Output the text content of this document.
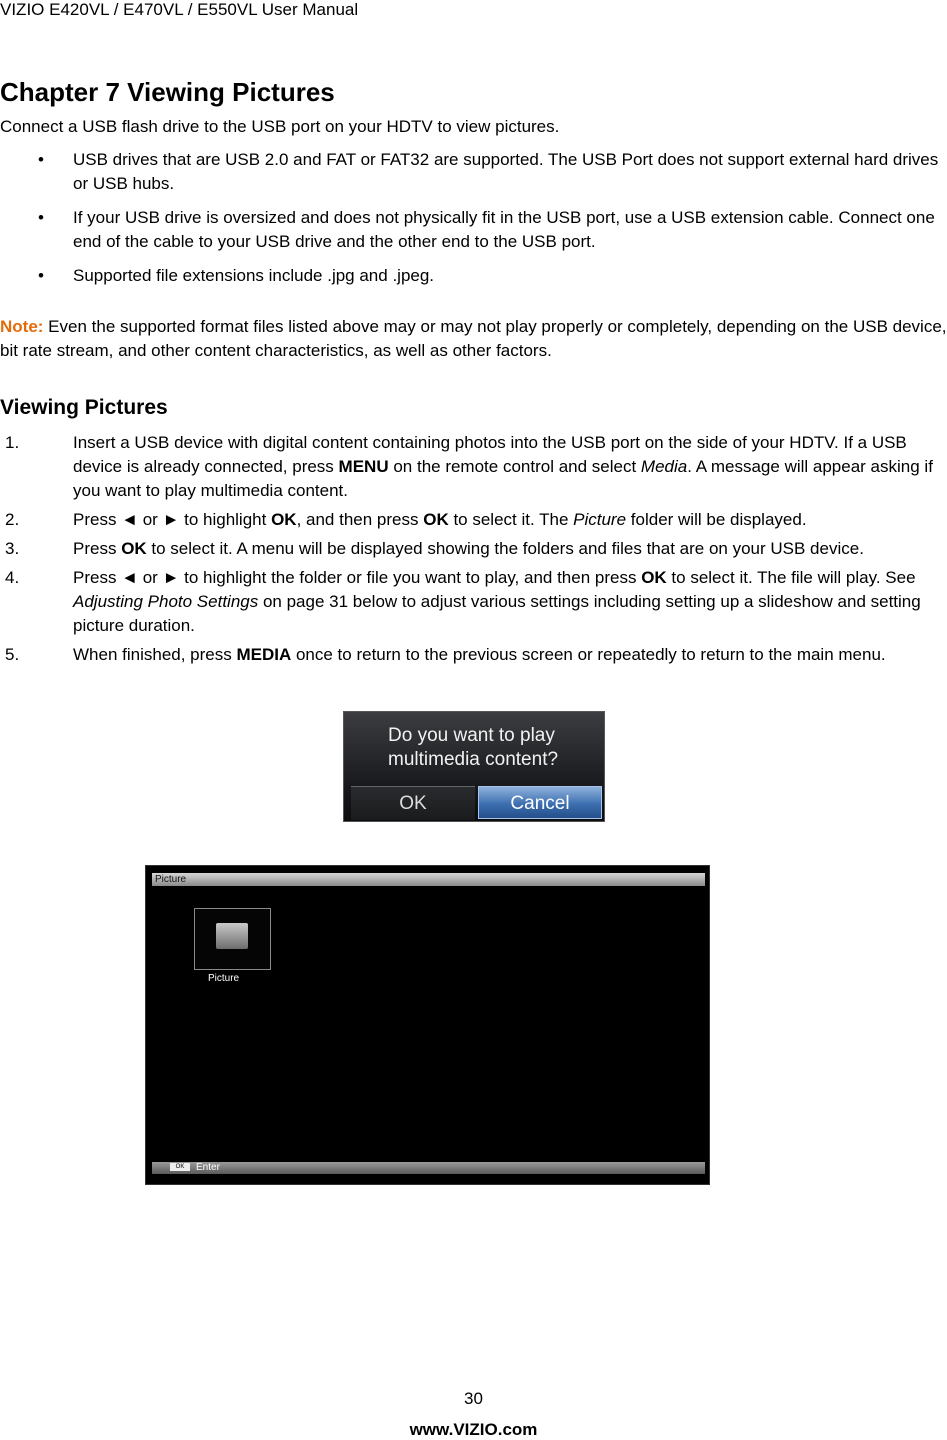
VIZIO E420VL / E470VL / E550VL User Manual
Chapter 7 Viewing Pictures
Connect a USB flash drive to the USB port on your HDTV to view pictures.
• USB drives that are USB 2.0 and FAT or FAT32 are supported. The USB Port does not support external hard drives or USB hubs.
• If your USB drive is oversized and does not physically fit in the USB port, use a USB extension cable. Connect one end of the cable to your USB drive and the other end to the USB port.
• Supported file extensions include .jpg and .jpeg.
Note: Even the supported format files listed above may or may not play properly or completely, depending on the USB device, bit rate stream, and other content characteristics, as well as other factors.
Viewing Pictures
1.	Insert a USB device with digital content containing photos into the USB port on the side of your HDTV. If a USB device is already connected, press MENU on the remote control and select Media. A message will appear asking if you want to play multimedia content.
2.	Press ◄ or ► to highlight OK, and then press OK to select it. The Picture folder will be displayed.
3.	Press OK to select it. A menu will be displayed showing the folders and files that are on your USB device.
4.	Press ◄ or ► to highlight the folder or file you want to play, and then press OK to select it. The file will play. See Adjusting Photo Settings on page 31 below to adjust various settings including setting up a slideshow and setting picture duration.
5.	When finished, press MEDIA once to return to the previous screen or repeatedly to return to the main menu.
Do you want to play
multimedia content?
OK	Cancel
Picture
Picture
OK Enter
30
www.VIZIO.com
